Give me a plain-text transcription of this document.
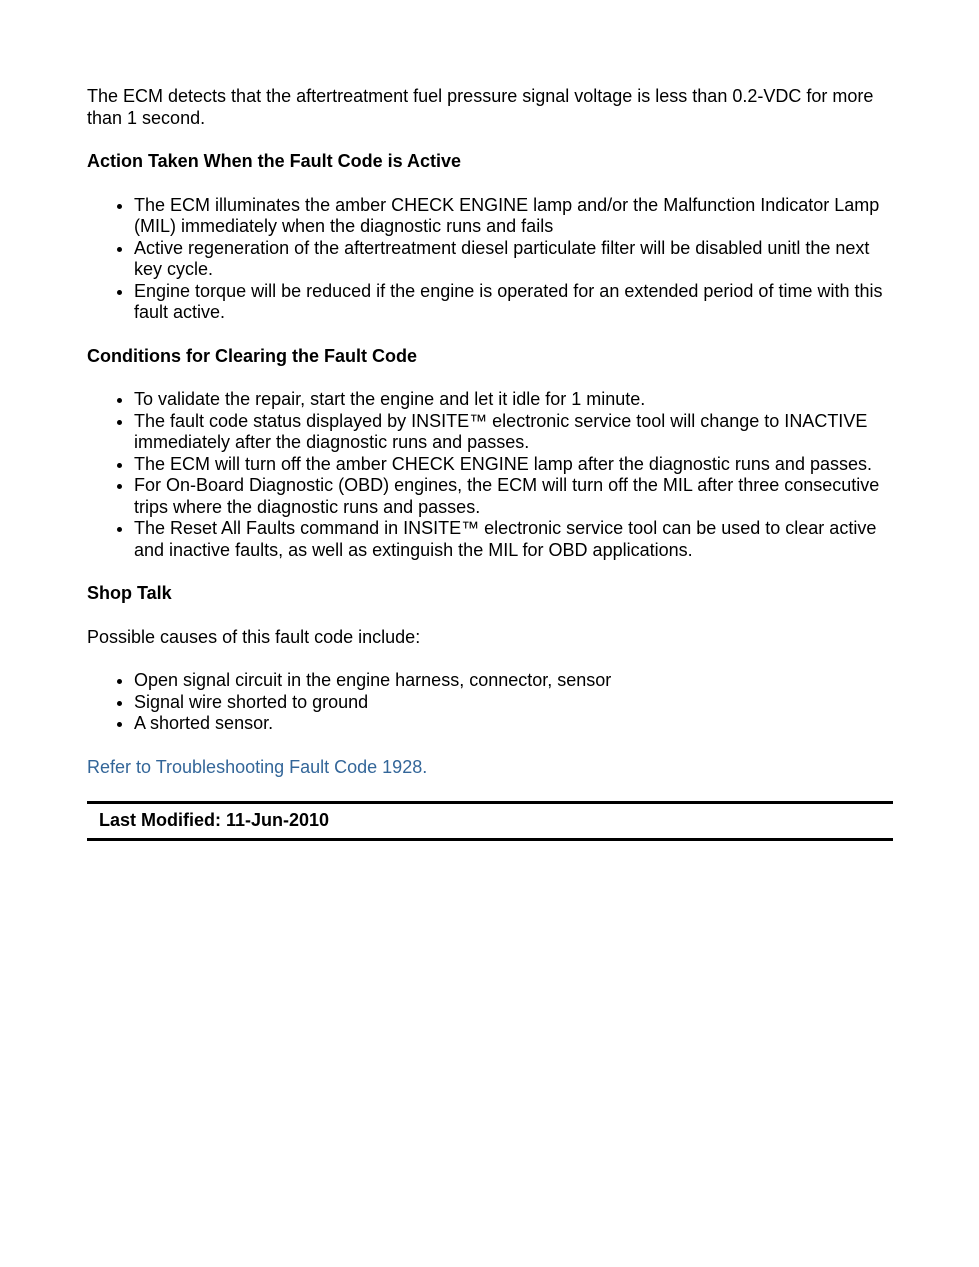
The ECM detects that the aftertreatment fuel pressure signal voltage is less than 0.2-VDC for more than 1 second.

Action Taken When the Fault Code is Active
• The ECM illuminates the amber CHECK ENGINE lamp and/or the Malfunction Indicator Lamp (MIL) immediately when the diagnostic runs and fails
• Active regeneration of the aftertreatment diesel particulate filter will be disabled unitl the next key cycle.
• Engine torque will be reduced if the engine is operated for an extended period of time with this fault active.
Conditions for Clearing the Fault Code
• To validate the repair, start the engine and let it idle for 1 minute.
• The fault code status displayed by INSITE™ electronic service tool will change to INACTIVE immediately after the diagnostic runs and passes.
• The ECM will turn off the amber CHECK ENGINE lamp after the diagnostic runs and passes.
• For On-Board Diagnostic (OBD) engines, the ECM will turn off the MIL after three consecutive trips where the diagnostic runs and passes.
• The Reset All Faults command in INSITE™ electronic service tool can be used to clear active and inactive faults, as well as extinguish the MIL for OBD applications.
Shop Talk

Possible causes of this fault code include:

• Open signal circuit in the engine harness, connector, sensor
• Signal wire shorted to ground
• A shorted sensor.
Refer to Troubleshooting Fault Code 1928.
Last Modified: 11-Jun-2010
